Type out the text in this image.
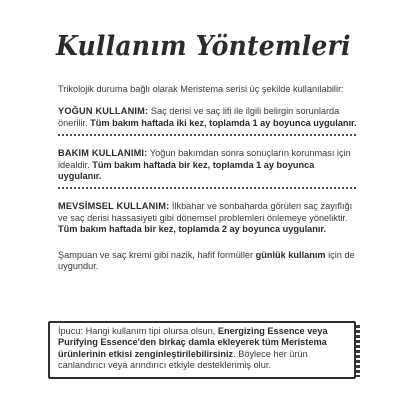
Kullanım Yöntemleri

Trikolojik duruma bağlı olarak Meristema serisi üç şekilde kullanılabilir:

YOĞUN KULLANIM: Saç derisi ve saç lifi ile ilgili belirgin sorunlarda önerilir. Tüm bakım haftada iki kez, toplamda 1 ay boyunca uygulanır.

BAKIM KULLANIMI: Yoğun bakımdan sonra sonuçların korunması için idealdir. Tüm bakım haftada bir kez, toplamda 1 ay boyunca uygulanır.

MEVSİMSEL KULLANIM: İlkbahar ve sonbaharda görülen saç zayıflığı ve saç derisi hassasiyeti gibi dönemsel problemleri önlemeye yöneliktir. Tüm bakım haftada bir kez, toplamda 2 ay boyunca uygulanır.

Şampuan ve saç kremi gibi nazik, hafif formüller günlük kullanım için de uygundur.

İpucu: Hangi kullanım tipi olursa olsun, Energizing Essence veya Purifying Essence'den birkaç damla ekleyerek tüm Meristema ürünlerinin etkisi zenginleştirilebilirsiniz. Böylece her ürün canlandırıcı veya arındırıcı etkiyle desteklenmiş olur.
